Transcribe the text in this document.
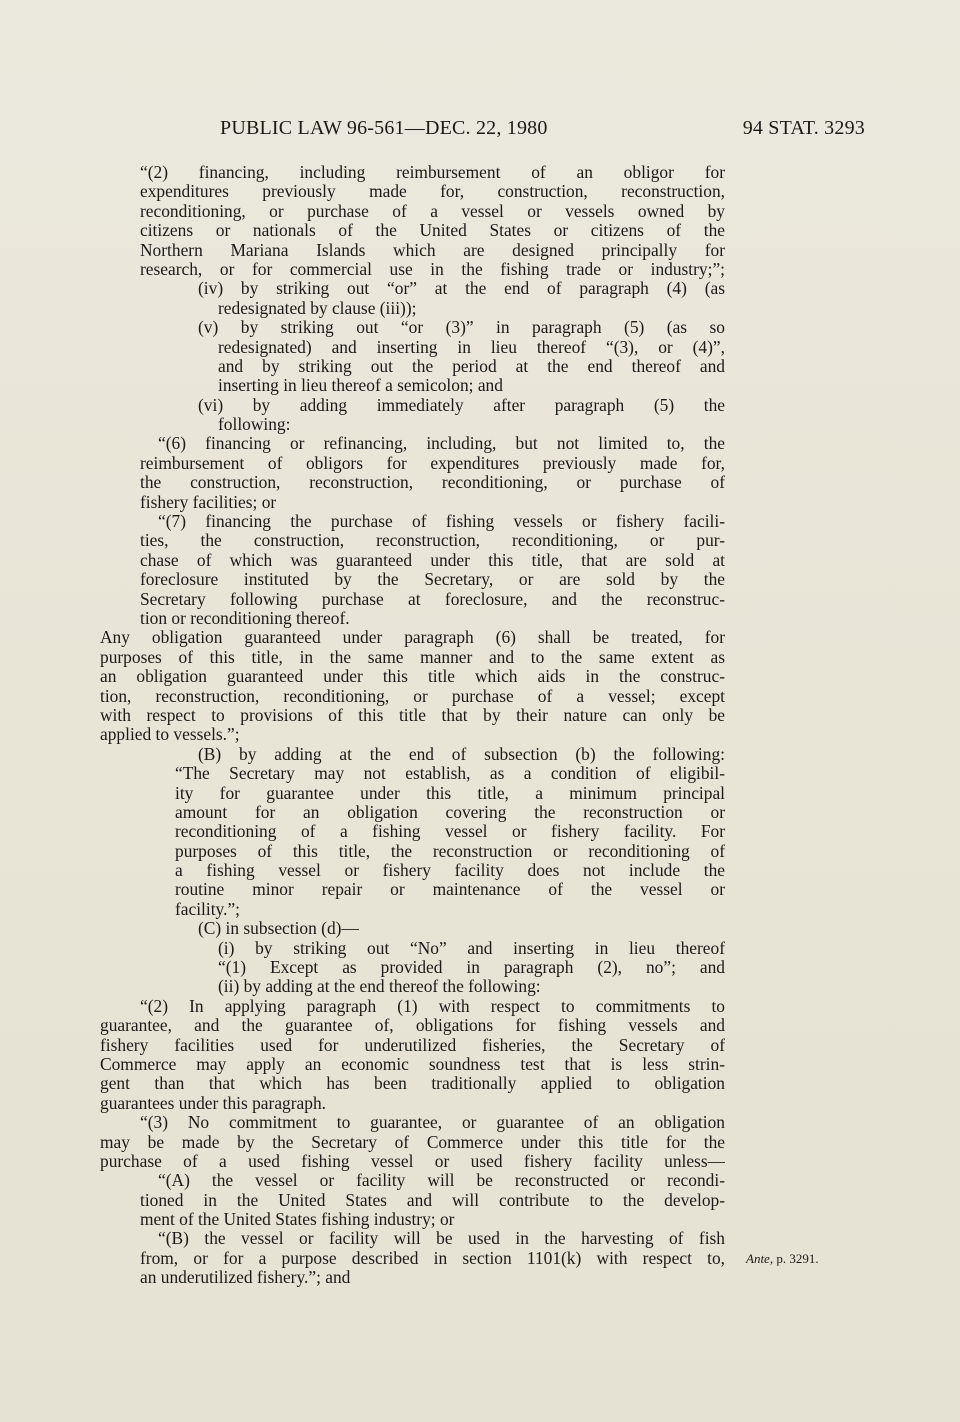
PUBLIC LAW 96-561—DEC. 22, 1980	94 STAT. 3293
“(2) financing, including reimbursement of an obligor for
expenditures previously made for, construction, reconstruction,
reconditioning, or purchase of a vessel or vessels owned by
citizens or nationals of the United States or citizens of the
Northern Mariana Islands which are designed principally for
research, or for commercial use in the fishing trade or industry;”;
(iv) by striking out “or” at the end of paragraph (4) (as
redesignated by clause (iii));
(v) by striking out “or (3)” in paragraph (5) (as so
redesignated) and inserting in lieu thereof “(3), or (4)”,
and by striking out the period at the end thereof and
inserting in lieu thereof a semicolon; and
(vi) by adding immediately after paragraph (5) the
following:
“(6) financing or refinancing, including, but not limited to, the
reimbursement of obligors for expenditures previously made for,
the construction, reconstruction, reconditioning, or purchase of
fishery facilities; or
“(7) financing the purchase of fishing vessels or fishery facili-
ties, the construction, reconstruction, reconditioning, or pur-
chase of which was guaranteed under this title, that are sold at
foreclosure instituted by the Secretary, or are sold by the
Secretary following purchase at foreclosure, and the reconstruc-
tion or reconditioning thereof.
Any obligation guaranteed under paragraph (6) shall be treated, for
purposes of this title, in the same manner and to the same extent as
an obligation guaranteed under this title which aids in the construc-
tion, reconstruction, reconditioning, or purchase of a vessel; except
with respect to provisions of this title that by their nature can only be
applied to vessels.”;
(B) by adding at the end of subsection (b) the following:
“The Secretary may not establish, as a condition of eligibil-
ity for guarantee under this title, a minimum principal
amount for an obligation covering the reconstruction or
reconditioning of a fishing vessel or fishery facility. For
purposes of this title, the reconstruction or reconditioning of
a fishing vessel or fishery facility does not include the
routine minor repair or maintenance of the vessel or
facility.”;
(C) in subsection (d)—
(i) by striking out “No” and inserting in lieu thereof
“(1) Except as provided in paragraph (2), no”; and
(ii) by adding at the end thereof the following:
“(2) In applying paragraph (1) with respect to commitments to
guarantee, and the guarantee of, obligations for fishing vessels and
fishery facilities used for underutilized fisheries, the Secretary of
Commerce may apply an economic soundness test that is less strin-
gent than that which has been traditionally applied to obligation
guarantees under this paragraph.
“(3) No commitment to guarantee, or guarantee of an obligation
may be made by the Secretary of Commerce under this title for the
purchase of a used fishing vessel or used fishery facility unless—
“(A) the vessel or facility will be reconstructed or recondi-
tioned in the United States and will contribute to the develop-
ment of the United States fishing industry; or
“(B) the vessel or facility will be used in the harvesting of fish
from, or for a purpose described in section 1101(k) with respect to,
an underutilized fishery.”; and
Ante, p. 3291.
